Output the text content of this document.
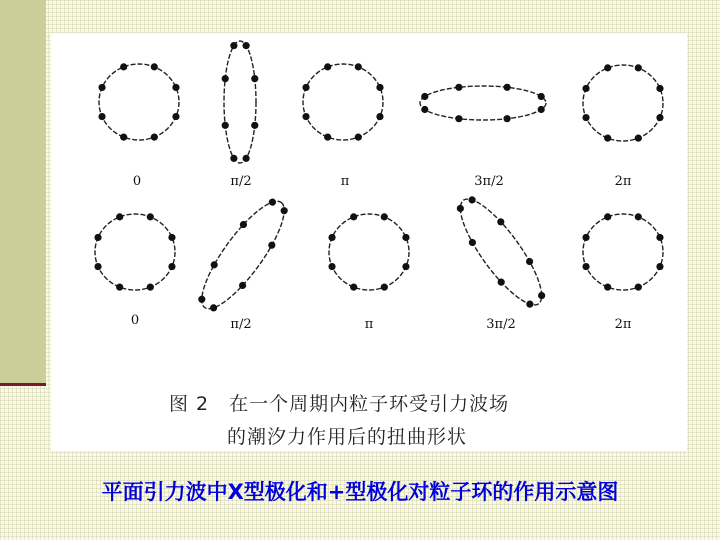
0	π/2	π	3π/2	2π
0	π/2	π	3π/2	2π
图 2　在一个周期内粒子环受引力波场
的潮汐力作用后的扭曲形状
平面引力波中X型极化和+型极化对粒子环的作用示意图
